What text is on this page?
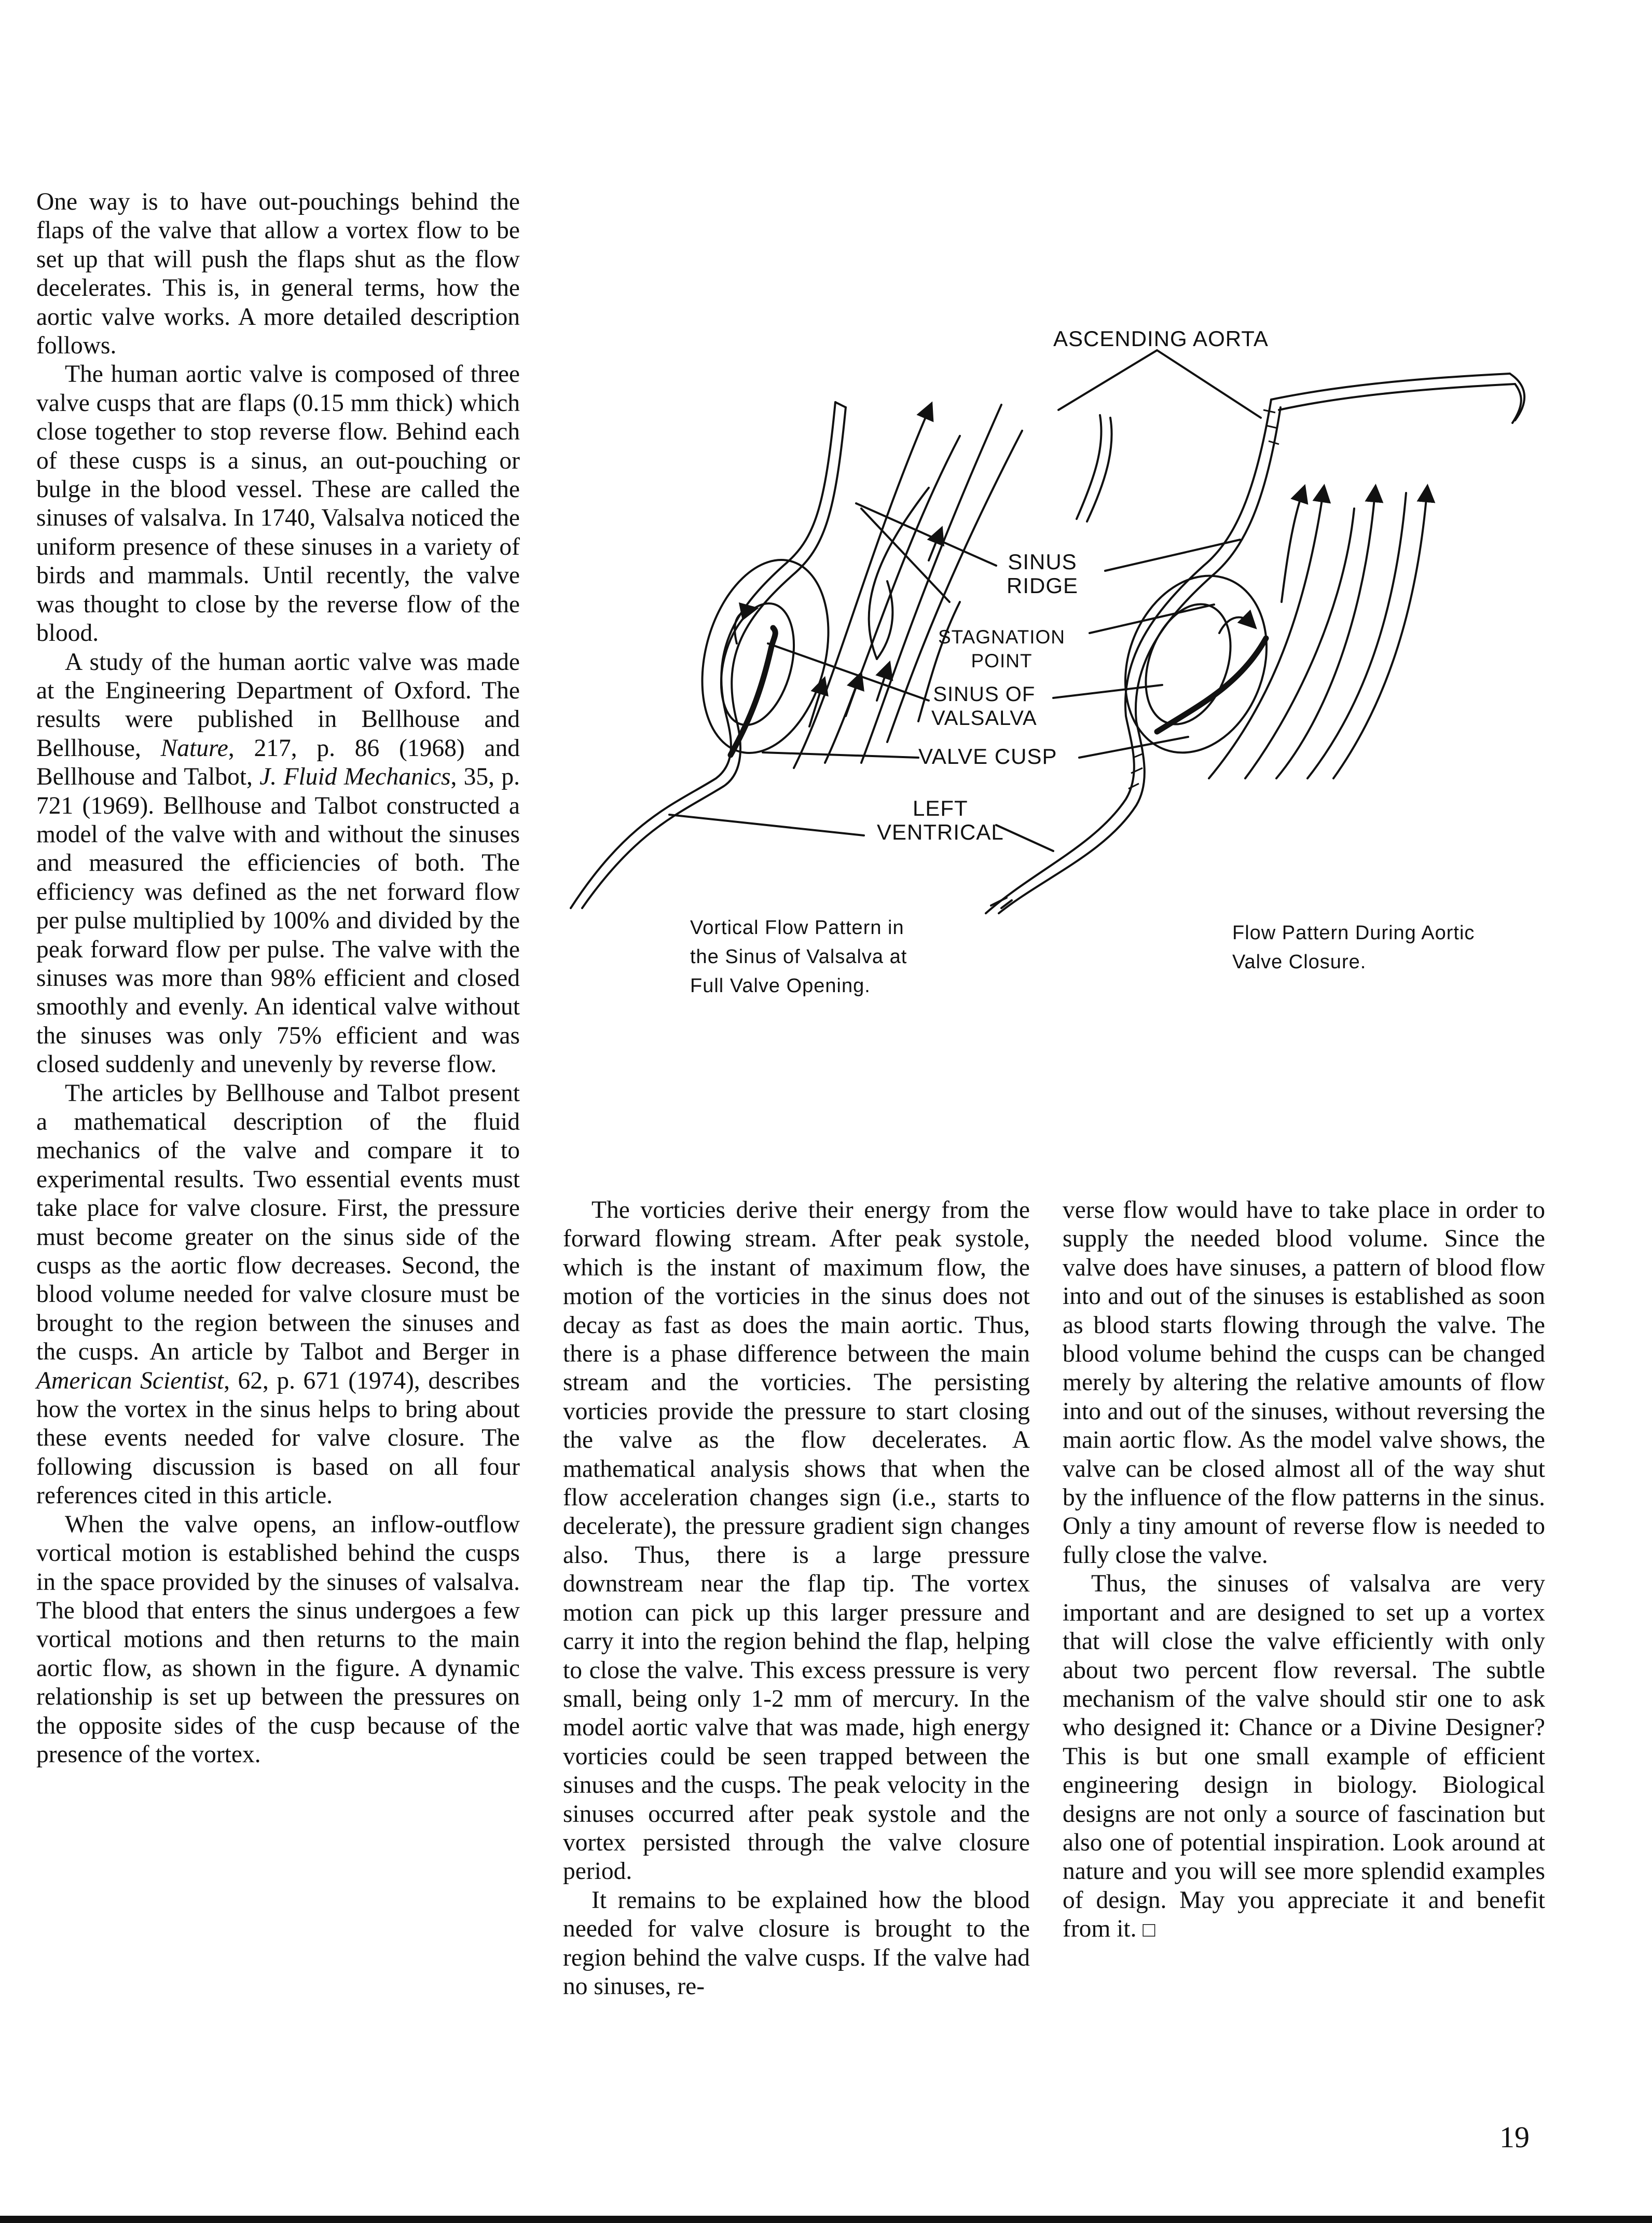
One way is to have out-pouchings behind the flaps of the valve that allow a vortex flow to be set up that will push the flaps shut as the flow decelerates. This is, in general terms, how the aortic valve works. A more detailed description follows.

The human aortic valve is composed of three valve cusps that are flaps (0.15 mm thick) which close together to stop reverse flow. Behind each of these cusps is a sinus, an out-pouching or bulge in the blood vessel. These are called the sinuses of valsalva. In 1740, Valsalva noticed the uniform presence of these sinuses in a variety of birds and mammals. Until recently, the valve was thought to close by the reverse flow of the blood.

A study of the human aortic valve was made at the Engineering Department of Oxford. The results were published in Bellhouse and Bellhouse, Nature, 217, p. 86 (1968) and Bellhouse and Talbot, J. Fluid Mechanics, 35, p. 721 (1969). Bellhouse and Talbot constructed a model of the valve with and without the sinuses and measured the efficiencies of both. The efficiency was defined as the net forward flow per pulse multiplied by 100% and divided by the peak forward flow per pulse. The valve with the sinuses was more than 98% efficient and closed smoothly and evenly. An identical valve without the sinuses was only 75% efficient and was closed suddenly and unevenly by reverse flow.

The articles by Bellhouse and Talbot present a mathematical description of the fluid mechanics of the valve and compare it to experimental results. Two essential events must take place for valve closure. First, the pressure must become greater on the sinus side of the cusps as the aortic flow decreases. Second, the blood volume needed for valve closure must be brought to the region between the sinuses and the cusps. An article by Talbot and Berger in American Scientist, 62, p. 671 (1974), describes how the vortex in the sinus helps to bring about these events needed for valve closure. The following discussion is based on all four references cited in this article.

When the valve opens, an inflow-outflow vortical motion is established behind the cusps in the space provided by the sinuses of valsalva. The blood that enters the sinus undergoes a few vortical motions and then returns to the main aortic flow, as shown in the figure. A dynamic relationship is set up between the pressures on the opposite sides of the cusp because of the presence of the vortex.

ASCENDING AORTA
SINUS
RIDGE
STAGNATION
POINT
SINUS OF
VALSALVA
VALVE CUSP
LEFT
VENTRICAL
Vortical Flow Pattern in
the Sinus of Valsalva at
Full Valve Opening.
Flow Pattern During Aortic
Valve Closure.

The vorticies derive their energy from the forward flowing stream. After peak systole, which is the instant of maximum flow, the motion of the vorticies in the sinus does not decay as fast as does the main aortic. Thus, there is a phase difference between the main stream and the vorticies. The persisting vorticies provide the pressure to start closing the valve as the flow decelerates. A mathematical analysis shows that when the flow acceleration changes sign (i.e., starts to decelerate), the pressure gradient sign changes also. Thus, there is a large pressure downstream near the flap tip. The vortex motion can pick up this larger pressure and carry it into the region behind the flap, helping to close the valve. This excess pressure is very small, being only 1-2 mm of mercury. In the model aortic valve that was made, high energy vorticies could be seen trapped between the sinuses and the cusps. The peak velocity in the sinuses occurred after peak systole and the vortex persisted through the valve closure period.

It remains to be explained how the blood needed for valve closure is brought to the region behind the valve cusps. If the valve had no sinuses, re-

verse flow would have to take place in order to supply the needed blood volume. Since the valve does have sinuses, a pattern of blood flow into and out of the sinuses is established as soon as blood starts flowing through the valve. The blood volume behind the cusps can be changed merely by altering the relative amounts of flow into and out of the sinuses, without reversing the main aortic flow. As the model valve shows, the valve can be closed almost all of the way shut by the influence of the flow patterns in the sinus. Only a tiny amount of reverse flow is needed to fully close the valve.

Thus, the sinuses of valsalva are very important and are designed to set up a vortex that will close the valve efficiently with only about two percent flow reversal. The subtle mechanism of the valve should stir one to ask who designed it: Chance or a Divine Designer? This is but one small example of efficient engineering design in biology. Biological designs are not only a source of fascination but also one of potential inspiration. Look around at nature and you will see more splendid examples of design. May you appreciate it and benefit from it. □

19
